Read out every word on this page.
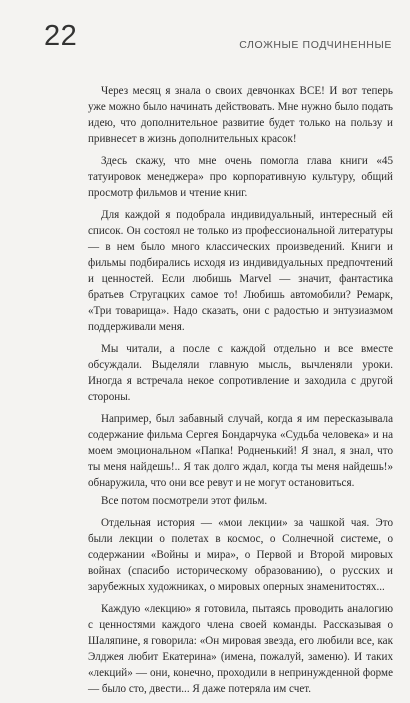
22	СЛОЖНЫЕ ПОДЧИНЕННЫЕ

Через месяц я знала о своих девчонках ВСЕ! И вот теперь уже можно было начинать действовать. Мне нужно было подать идею, что дополнительное развитие будет только на пользу и привнесет в жизнь дополнительных красок!

Здесь скажу, что мне очень помогла глава книги «45 татуировок менеджера» про корпоративную культуру, общий просмотр фильмов и чтение книг.

Для каждой я подобрала индивидуальный, интересный ей список. Он состоял не только из профессиональной литературы — в нем было много классических произведений. Книги и фильмы подбирались исходя из индивидуальных предпочтений и ценностей. Если любишь Marvel — значит, фантастика братьев Стругацких самое то! Любишь автомобили? Ремарк, «Три товарища». Надо сказать, они с радостью и энтузиазмом поддерживали меня.

Мы читали, а после с каждой отдельно и все вместе обсуждали. Выделяли главную мысль, вычленяли уроки. Иногда я встречала некое сопротивление и заходила с другой стороны.

Например, был забавный случай, когда я им пересказывала содержание фильма Сергея Бондарчука «Судьба человека» и на моем эмоциональном «Папка! Родненький! Я знал, я знал, что ты меня найдешь!.. Я так долго ждал, когда ты меня найдешь!» обнаружила, что они все ревут и не могут остановиться.

Все потом посмотрели этот фильм.

Отдельная история — «мои лекции» за чашкой чая. Это были лекции о полетах в космос, о Солнечной системе, о содержании «Войны и мира», о Первой и Второй мировых войнах (спасибо историческому образованию), о русских и зарубежных художниках, о мировых оперных знаменитостях...

Каждую «лекцию» я готовила, пытаясь проводить аналогию с ценностями каждого члена своей команды. Рассказывая о Шаляпине, я говорила: «Он мировая звезда, его любили все, как Элджея любит Екатерина» (имена, пожалуй, заменю). И таких «лекций» — они, конечно, проходили в непринужденной форме — было сто, двести... Я даже потеряла им счет.
